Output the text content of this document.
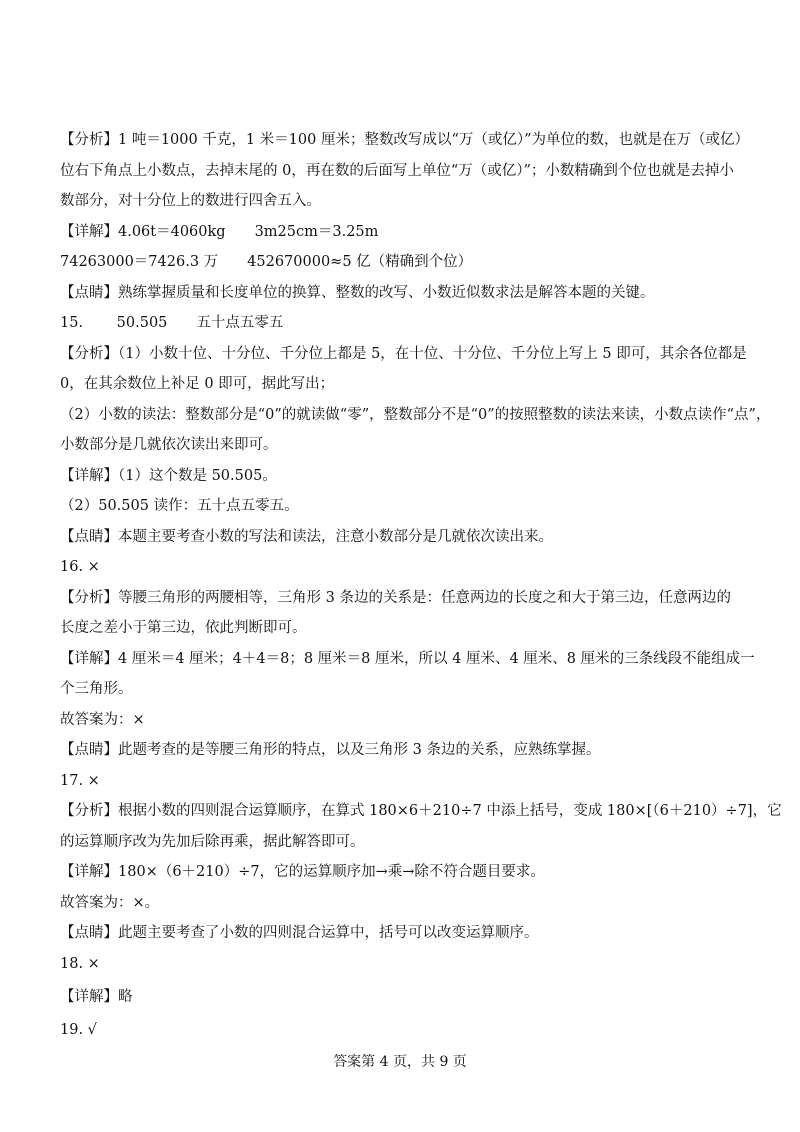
【分析】1 吨＝1000 千克，1 米＝100 厘米；整数改写成以“万（或亿）”为单位的数，也就是在万（或亿）
位右下角点上小数点，去掉末尾的 0，再在数的后面写上单位“万（或亿）”；小数精确到个位也就是去掉小
数部分，对十分位上的数进行四舍五入。
【详解】4.06t＝4060kg　　3m25cm＝3.25m
74263000＝7426.3 万　　452670000≈5 亿（精确到个位）
【点睛】熟练掌握质量和长度单位的换算、整数的改写、小数近似数求法是解答本题的关键。
15.　　 50.505　　五十点五零五
【分析】（1）小数十位、十分位、千分位上都是 5，在十位、十分位、千分位上写上 5 即可，其余各位都是
0，在其余数位上补足 0 即可，据此写出；
（2）小数的读法：整数部分是“0”的就读做“零”，整数部分不是“0”的按照整数的读法来读，小数点读作“点”，
小数部分是几就依次读出来即可。
【详解】（1）这个数是 50.505。
（2）50.505 读作：五十点五零五。
【点睛】本题主要考查小数的写法和读法，注意小数部分是几就依次读出来。
16. ×
【分析】等腰三角形的两腰相等，三角形 3 条边的关系是：任意两边的长度之和大于第三边，任意两边的
长度之差小于第三边，依此判断即可。
【详解】4 厘米＝4 厘米；4＋4＝8；8 厘米＝8 厘米，所以 4 厘米、4 厘米、8 厘米的三条线段不能组成一
个三角形。
故答案为：×
【点睛】此题考查的是等腰三角形的特点，以及三角形 3 条边的关系，应熟练掌握。
17. ×
【分析】根据小数的四则混合运算顺序，在算式 180×6＋210÷7 中添上括号，变成 180×[（6＋210）÷7]，它
的运算顺序改为先加后除再乘，据此解答即可。
【详解】180×（6＋210）÷7，它的运算顺序加→乘→除不符合题目要求。
故答案为：×。
【点睛】此题主要考查了小数的四则混合运算中，括号可以改变运算顺序。
18. ×
19. √
【详解】略
答案第 4 页，共 9 页
